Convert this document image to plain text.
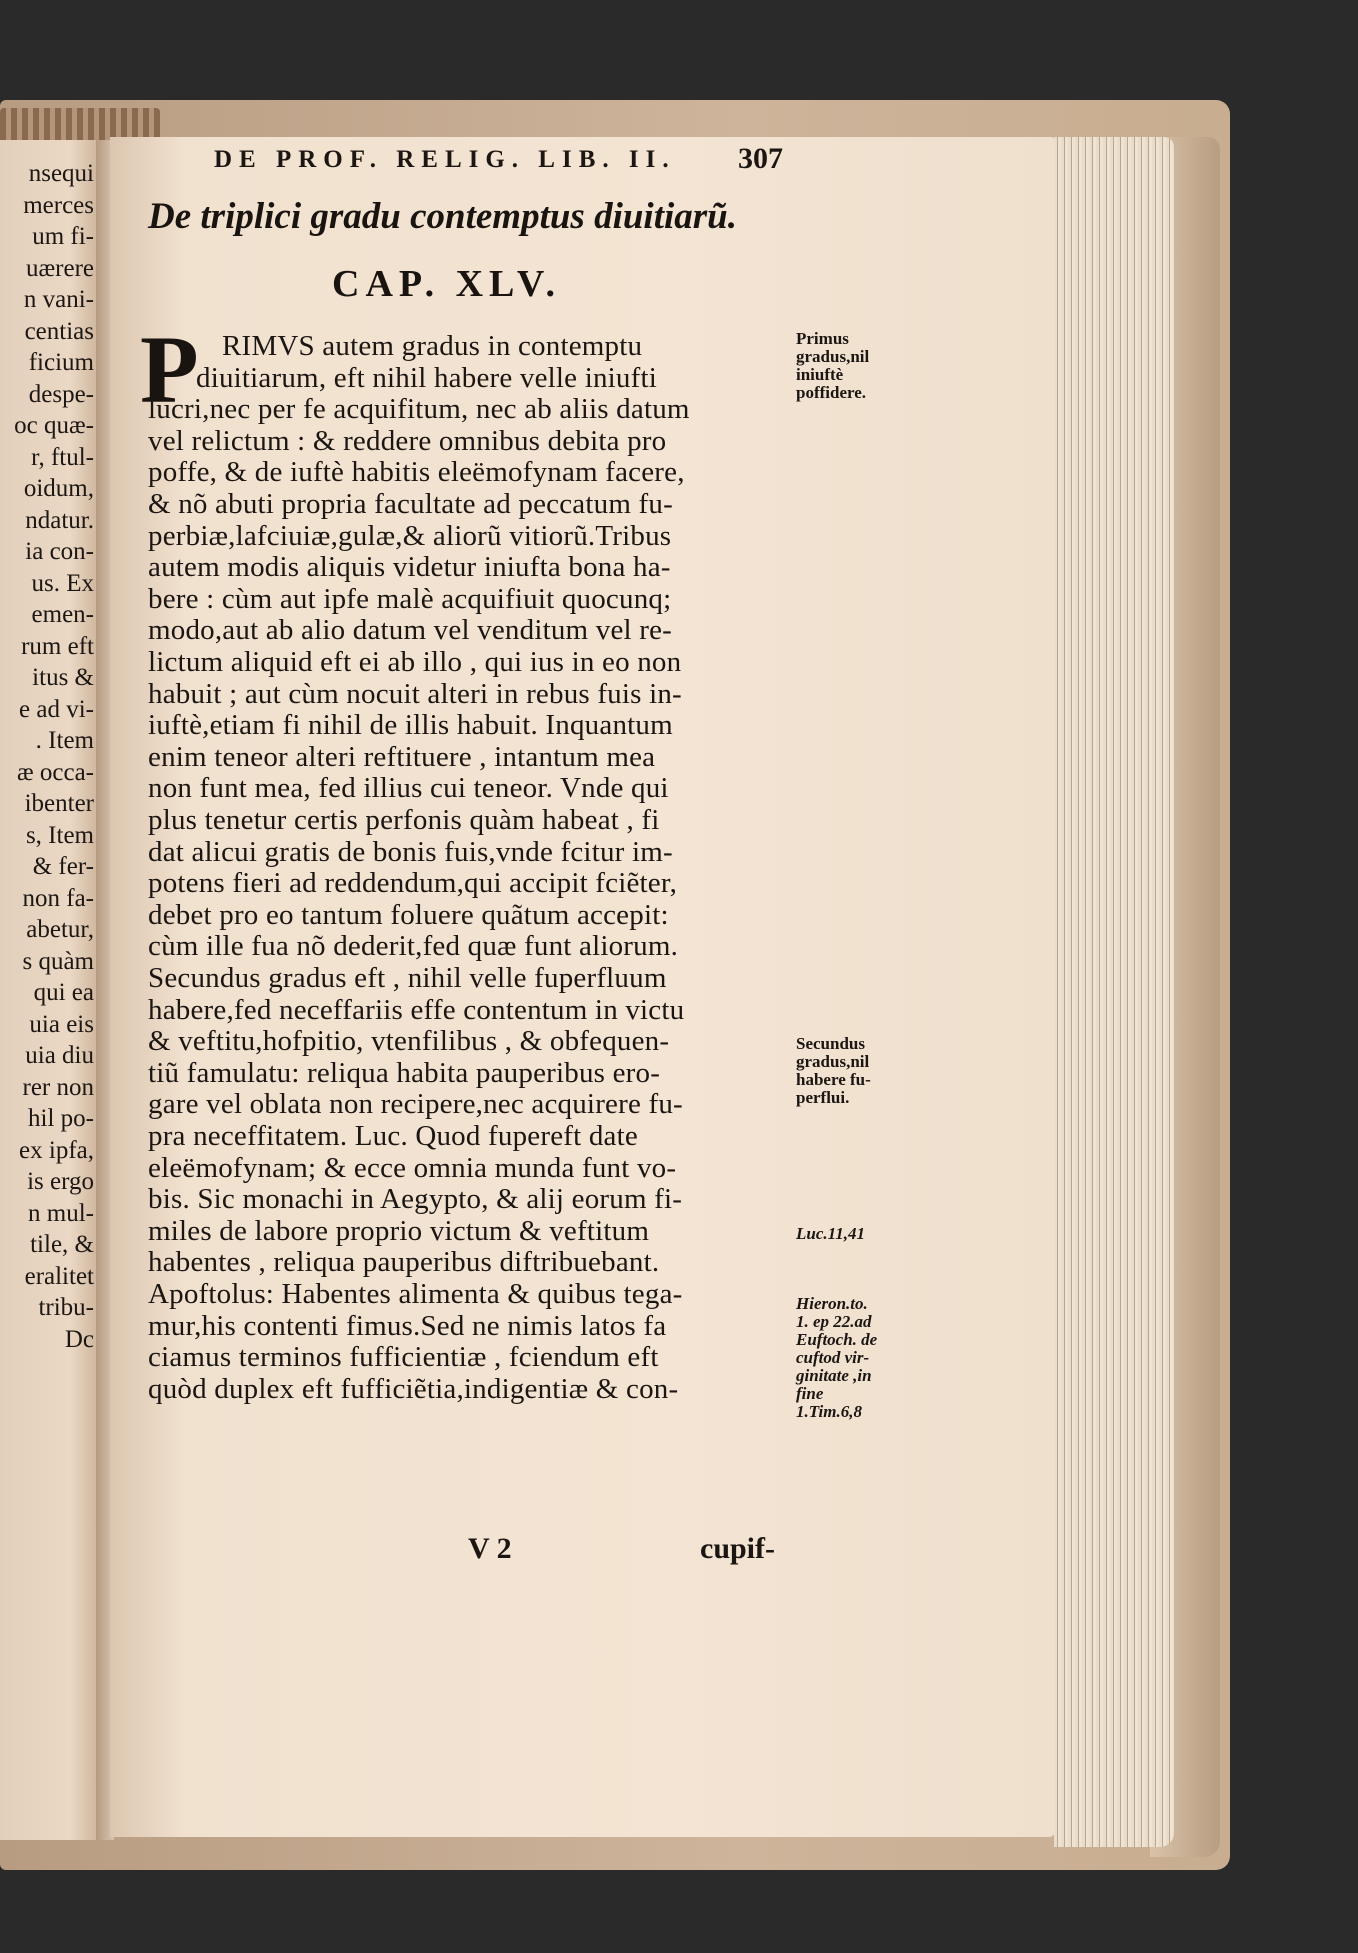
nsequi
merces
um fi-
uærere
n vani-
centias
ficium
despe-
oc quæ-
r, ftul-
oidum,
ndatur.
ia con-
us. Ex
emen-
rum eft
itus &
e ad vi-
. Item
æ occa-
ibenter
s, Item
& fer-
non fa-
abetur,
s quàm
qui ea
uia eis
uia diu
rer non
hil po-
ex ipfa,
is ergo
n mul-
tile, &
eralitet
tribu-
Dc
DE PROF. RELIG. LIB. II. 307
De triplici gradu contemptus diuitiarũ.
CAP. XLV.
P RIMVS autem gradus in contemptu
diuitiarum, eft nihil habere velle iniufti
lucri,nec per fe acquifitum, nec ab aliis datum
vel relictum : & reddere omnibus debita pro
poffe, & de iuftè habitis eleëmofynam facere,
& nõ abuti propria facultate ad peccatum fu-
perbiæ,lafciuiæ,gulæ,& aliorũ vitiorũ.Tribus
autem modis aliquis videtur iniufta bona ha-
bere : cùm aut ipfe malè acquifiuit quocunq;
modo,aut ab alio datum vel venditum vel re-
lictum aliquid eft ei ab illo , qui ius in eo non
habuit ; aut cùm nocuit alteri in rebus fuis in-
iuftè,etiam fi nihil de illis habuit. Inquantum
enim teneor alteri reftituere , intantum mea
non funt mea, fed illius cui teneor. Vnde qui
plus tenetur certis perfonis quàm habeat , fi
dat alicui gratis de bonis fuis,vnde fcitur im-
potens fieri ad reddendum,qui accipit fciẽter,
debet pro eo tantum foluere quãtum accepit:
cùm ille fua nõ dederit,fed quæ funt aliorum.
Secundus gradus eft , nihil velle fuperfluum
habere,fed neceffariis effe contentum in victu
& veftitu,hofpitio, vtenfilibus , & obfequen-
tiũ famulatu: reliqua habita pauperibus ero-
gare vel oblata non recipere,nec acquirere fu-
pra neceffitatem. Luc. Quod fupereft date
eleëmofynam; & ecce omnia munda funt vo-
bis. Sic monachi in Aegypto, & alij eorum fi-
miles de labore proprio victum & veftitum
habentes , reliqua pauperibus diftribuebant.
Apoftolus: Habentes alimenta & quibus tega-
mur,his contenti fimus.Sed ne nimis latos fa
ciamus terminos fufficientiæ , fciendum eft
quòd duplex eft fufficiẽtia,indigentiæ & con-
Primus
gradus,nil
iniuftè
poffidere.
Secundus
gradus,nil
habere fu-
perflui.
Luc.11,41
Hieron.to.
1. ep 22.ad
Euftoch. de
cuftod vir-
ginitate ,in
fine
1.Tim.6,8
V 2	cupif-
